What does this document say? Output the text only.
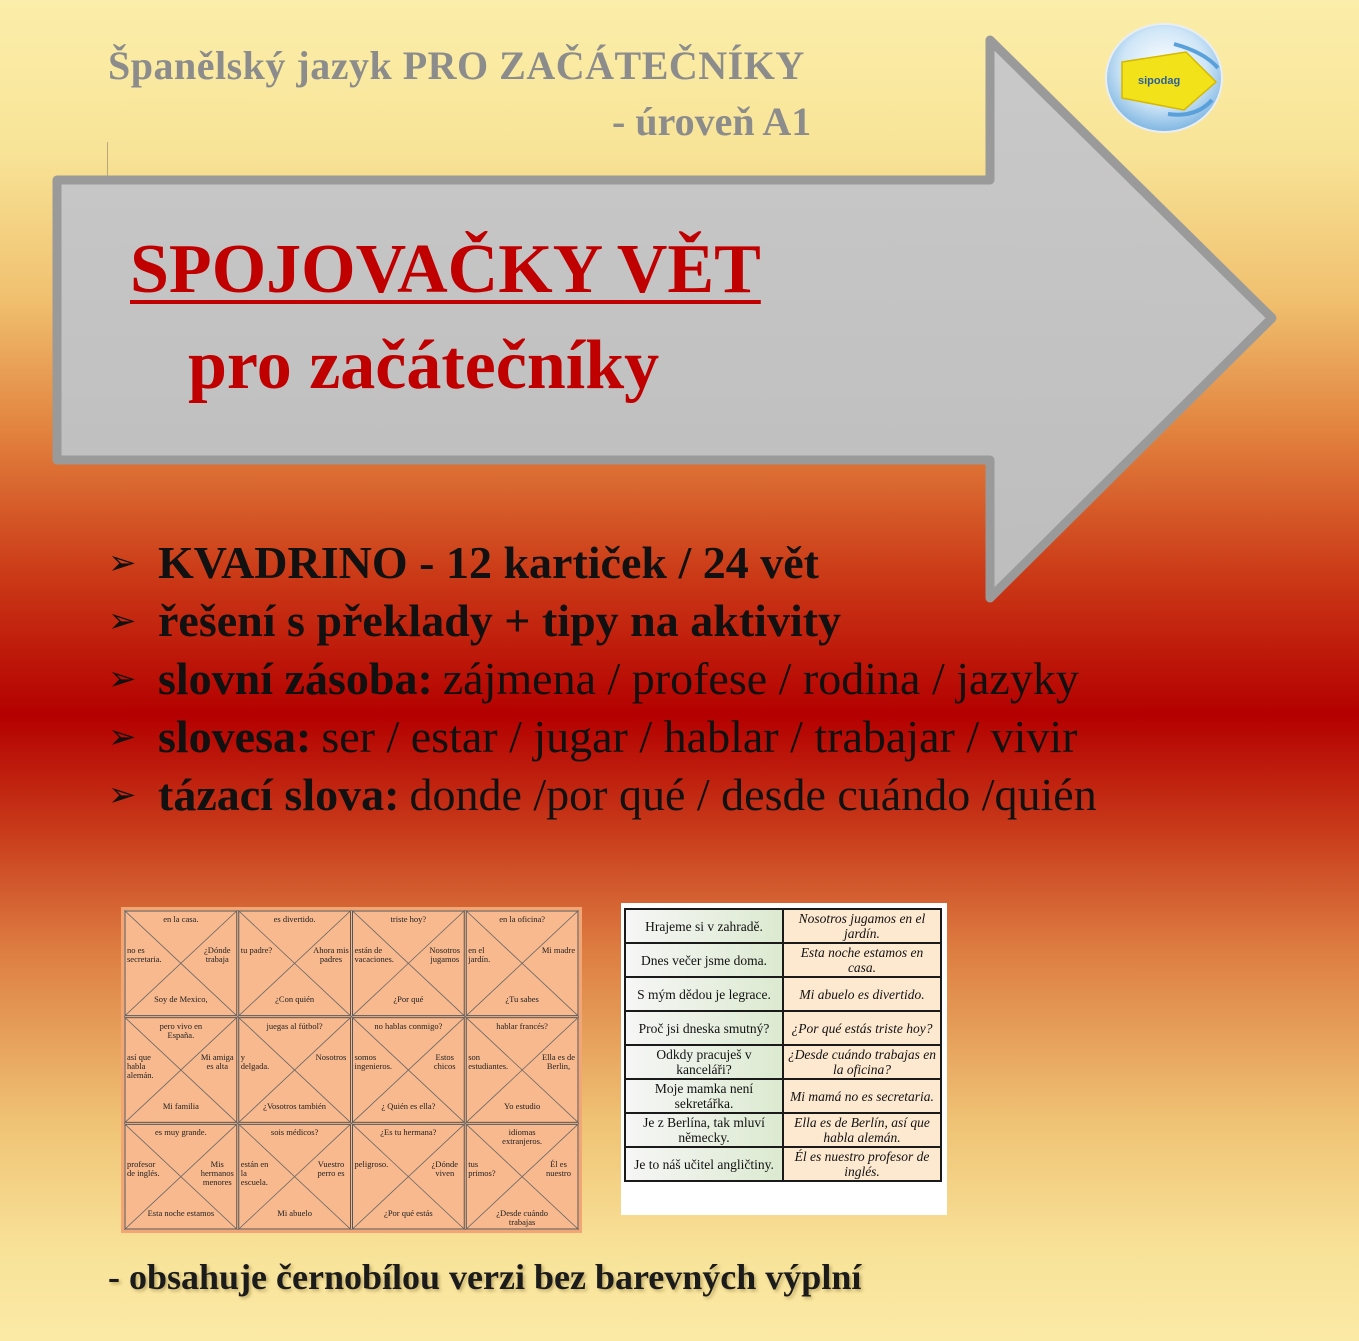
Španělský jazyk PRO ZAČÁTEČNÍKY
- úroveň A1
sipodag
SPOJOVAČKY VĚT
pro začátečníky
➢ KVADRINO - 12 kartiček / 24 vět
➢ řešení s překlady + tipy na aktivity
➢ slovní zásoba: zájmena / profese / rodina / jazyky
➢ slovesa: ser / estar / jugar / hablar / trabajar / vivir
➢ tázací slova: donde /por qué / desde cuándo /quién
en la casa.
no es secretaria.
¿Dónde trabaja
Soy de Mexico,
es divertido.
tu padre?	Ahora mis padres
¿Con quién
triste hoy?
están de vacaciones.
Nosotros jugamos
¿Por qué
en la oficina?
en el jardín.
Mi madre
¿Tu sabes
pero vivo en España.
así que habla alemán.
Mi amiga es alta
Mi familia
juegas al fútbol?
y delgada.
Nosotros
¿Vosotros también
no hablas conmigo?
somos ingenieros.
Estos chicos
¿ Quién es ella?
hablar francés?
son estudiantes.
Ella es de Berlin,
Yo estudio
es muy grande.
profesor de inglés.
Mis hermanos menores
Esta noche estamos
sois médicos?
están en la escuela.
Vuestro perro es
Mi abuelo
¿Es tu hermana?
peligroso.	¿Dónde viven
¿Por qué estás
idiomas extranjeros.
tus primos?
Él es nuestro
¿Desde cuándo trabajas
Hrajeme si v zahradě.	Nosotros jugamos en el jardín.
Dnes večer jsme doma.	Esta noche estamos en casa.
S mým dědou je legrace.	Mi abuelo es divertido.
Proč jsi dneska smutný?	¿Por qué estás triste hoy?
Odkdy pracuješ v kanceláři?	¿Desde cuándo trabajas en la oficina?
Moje mamka není sekretářka.	Mi mamá no es secretaria.
Je z Berlína, tak mluví německy.	Ella es de Berlín, así que habla alemán.
Je to náš učitel angličtiny.	Él es nuestro profesor de inglés.
- obsahuje černobílou verzi bez barevných výplní
